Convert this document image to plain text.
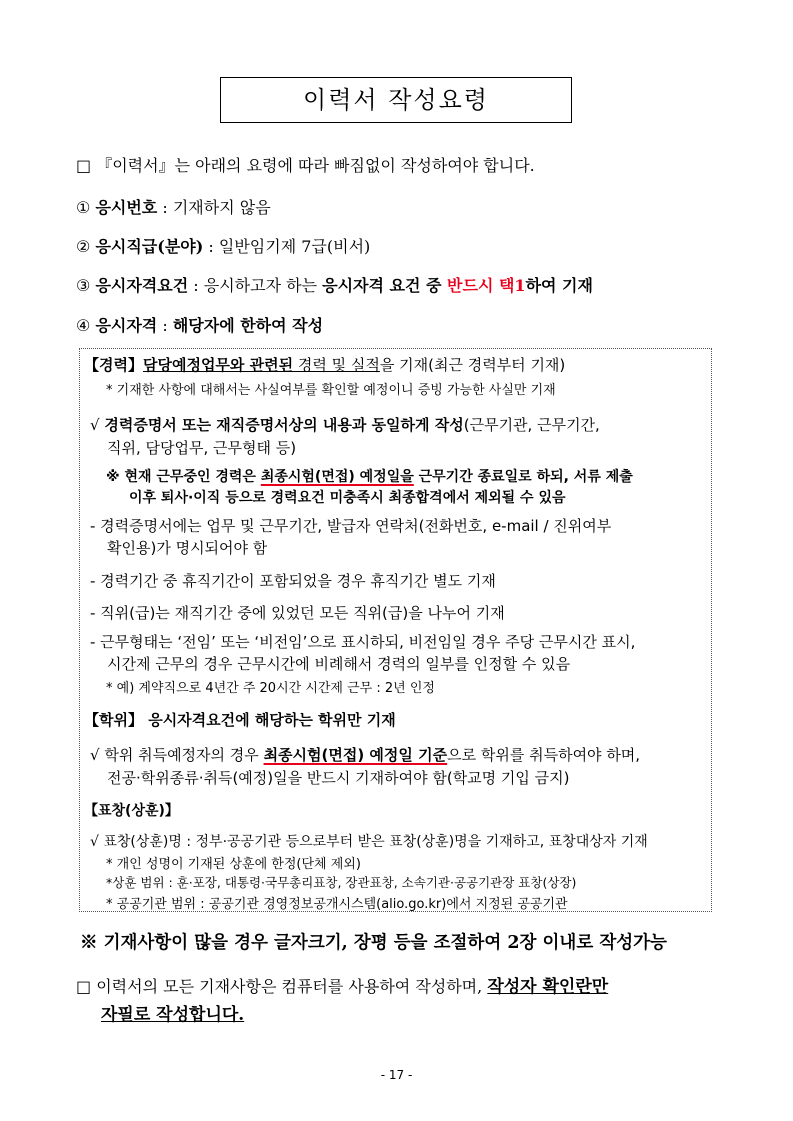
이력서 작성요령
□ 『이력서』는 아래의 요령에 따라 빠짐없이 작성하여야 합니다.
① 응시번호 : 기재하지 않음
② 응시직급(분야) : 일반임기제 7급(비서)
③ 응시자격요건 : 응시하고자 하는 응시자격 요건 중 반드시 택1하여 기재
④ 응시자격 : 해당자에 한하여 작성
【경력】담당예정업무와 관련된 경력 및 실적을 기재(최근 경력부터 기재)
* 기재한 사항에 대해서는 사실여부를 확인할 예정이니 증빙 가능한 사실만 기재
√ 경력증명서 또는 재직증명서상의 내용과 동일하게 작성(근무기관, 근무기간,
직위, 담당업무, 근무형태 등)
※ 현재 근무중인 경력은 최종시험(면접) 예정일을 근무기간 종료일로 하되, 서류 제출
이후 퇴사·이직 등으로 경력요건 미충족시 최종합격에서 제외될 수 있음
- 경력증명서에는 업무 및 근무기간, 발급자 연락처(전화번호, e-mail / 진위여부
확인용)가 명시되어야 함
- 경력기간 중 휴직기간이 포함되었을 경우 휴직기간 별도 기재
- 직위(급)는 재직기간 중에 있었던 모든 직위(급)을 나누어 기재
- 근무형태는 ‘전임’ 또는 ‘비전임’으로 표시하되, 비전임일 경우 주당 근무시간 표시,
시간제 근무의 경우 근무시간에 비례해서 경력의 일부를 인정할 수 있음
* 예) 계약직으로 4년간 주 20시간 시간제 근무 : 2년 인정
【학위】 응시자격요건에 해당하는 학위만 기재
√ 학위 취득예정자의 경우 최종시험(면접) 예정일 기준으로 학위를 취득하여야 하며,
전공·학위종류·취득(예정)일을 반드시 기재하여야 함(학교명 기입 금지)
【표창(상훈)】
√ 표창(상훈)명 : 정부·공공기관 등으로부터 받은 표창(상훈)명을 기재하고, 표창대상자 기재
* 개인 성명이 기재된 상훈에 한정(단체 제외)
*상훈 범위 : 훈·포장, 대통령·국무총리표창, 장관표창, 소속기관·공공기관장 표창(상장)
* 공공기관 범위 : 공공기관 경영정보공개시스템(alio.go.kr)에서 지정된 공공기관
※ 기재사항이 많을 경우 글자크기, 장평 등을 조절하여 2장 이내로 작성가능
□ 이력서의 모든 기재사항은 컴퓨터를 사용하여 작성하며, 작성자 확인란만
자필로 작성합니다.
- 17 -
